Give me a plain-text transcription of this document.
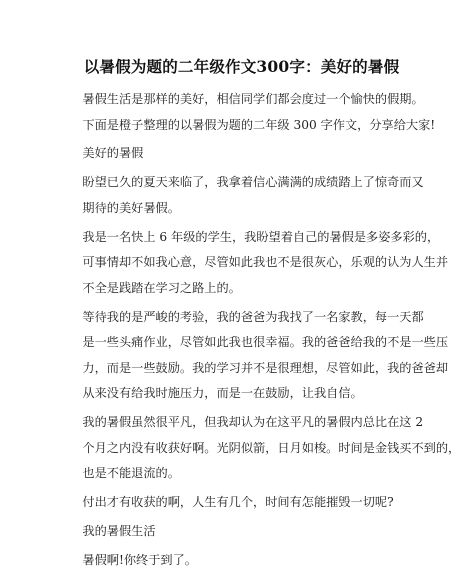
以暑假为题的二年级作文300字：美好的暑假

暑假生活是那样的美好，相信同学们都会度过一个愉快的假期。
下面是橙子整理的以暑假为题的二年级 300 字作文，分享给大家!

美好的暑假

盼望已久的夏天来临了，我拿着信心满满的成绩踏上了惊奇而又
期待的美好暑假。

我是一名快上 6 年级的学生，我盼望着自己的暑假是多姿多彩的，
可事情却不如我心意，尽管如此我也不是很灰心，乐观的认为人生并
不全是践踏在学习之路上的。

等待我的是严峻的考验，我的爸爸为我找了一名家教，每一天都
是一些头痛作业，尽管如此我也很幸福。我的爸爸给我的不是一些压
力，而是一些鼓励。我的学习并不是很理想，尽管如此，我的爸爸却
从来没有给我时施压力，而是一在鼓励，让我自信。

我的暑假虽然很平凡，但我却认为在这平凡的暑假内总比在这 2
个月之内没有收获好啊。光阴似箭，日月如梭。时间是金钱买不到的，
也是不能退流的。

付出才有收获的啊，人生有几个，时间有怎能摧毁一切呢?

我的暑假生活

暑假啊!你终于到了。
